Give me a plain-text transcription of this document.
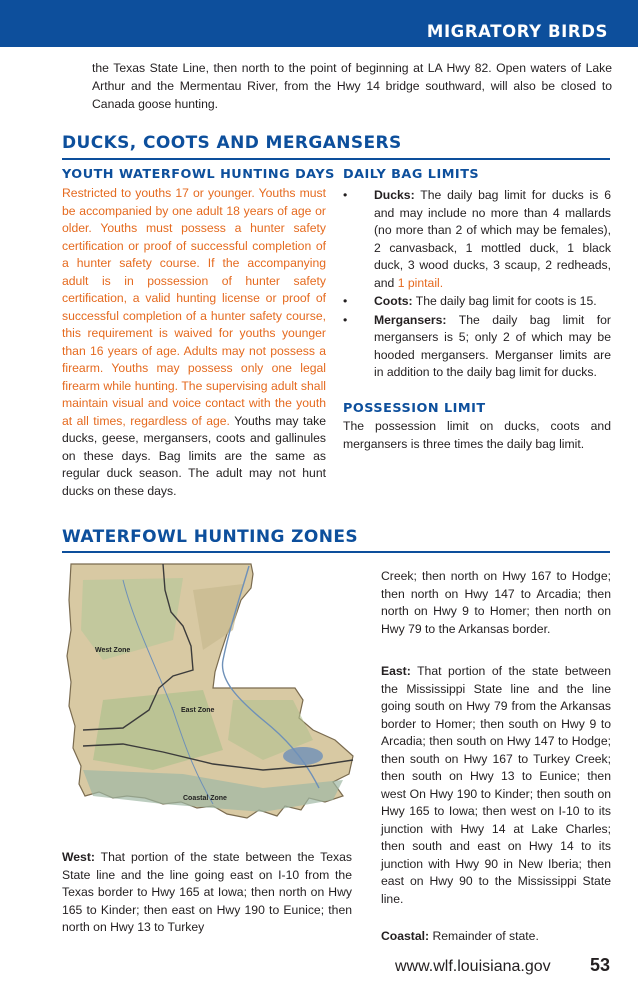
MIGRATORY BIRDS
the Texas State Line, then north to the point of beginning at LA Hwy 82. Open waters of Lake Arthur and the Mermentau River, from the Hwy 14 bridge southward, will also be closed to Canada goose hunting.
DUCKS, COOTS AND MERGANSERS
YOUTH WATERFOWL HUNTING DAYS
Restricted to youths 17 or younger. Youths must be accompanied by one adult 18 years of age or older. Youths must possess a hunter safety certification or proof of successful completion of a hunter safety course. If the accompanying adult is in possession of hunter safety certification, a valid hunting license or proof of successful completion of a hunter safety course, this requirement is waived for youths younger than 16 years of age. Adults may not possess a firearm. Youths may possess only one legal firearm while hunting. The supervising adult shall maintain visual and voice contact with the youth at all times, regardless of age. Youths may take ducks, geese, mergansers, coots and gallinules on these days. Bag limits are the same as regular duck season. The adult may not hunt ducks on these days.
DAILY BAG LIMITS
• Ducks: The daily bag limit for ducks is 6 and may include no more than 4 mallards (no more than 2 of which may be females), 2 canvasback, 1 mottled duck, 1 black duck, 3 wood ducks, 3 scaup, 2 redheads, and 1 pintail.
• Coots: The daily bag limit for coots is 15.
• Mergansers: The daily bag limit for mergansers is 5; only 2 of which may be hooded mergansers. Merganser limits are in addition to the daily bag limit for ducks.
POSSESSION LIMIT
The possession limit on ducks, coots and mergansers is three times the daily bag limit.
WATERFOWL HUNTING ZONES
West Zone
East Zone
Coastal Zone
West: That portion of the state between the Texas State line and the line going east on I-10 from the Texas border to Hwy 165 at Iowa; then north on Hwy 165 to Kinder; then east on Hwy 190 to Eunice; then north on Hwy 13 to Turkey
Creek; then north on Hwy 167 to Hodge; then north on Hwy 147 to Arcadia; then north on Hwy 9 to Homer; then north on Hwy 79 to the Arkansas border.
East: That portion of the state between the Mississippi State line and the line going south on Hwy 79 from the Arkansas border to Homer; then south on Hwy 9 to Arcadia; then south on Hwy 147 to Hodge; then south on Hwy 167 to Turkey Creek; then south on Hwy 13 to Eunice; then west On Hwy 190 to Kinder; then south on Hwy 165 to Iowa; then west on I-10 to its junction with Hwy 14 at Lake Charles; then south and east on Hwy 14 to its junction with Hwy 90 in New Iberia; then east on Hwy 90 to the Mississippi State line.
Coastal: Remainder of state.
www.wlf.louisiana.gov 53
